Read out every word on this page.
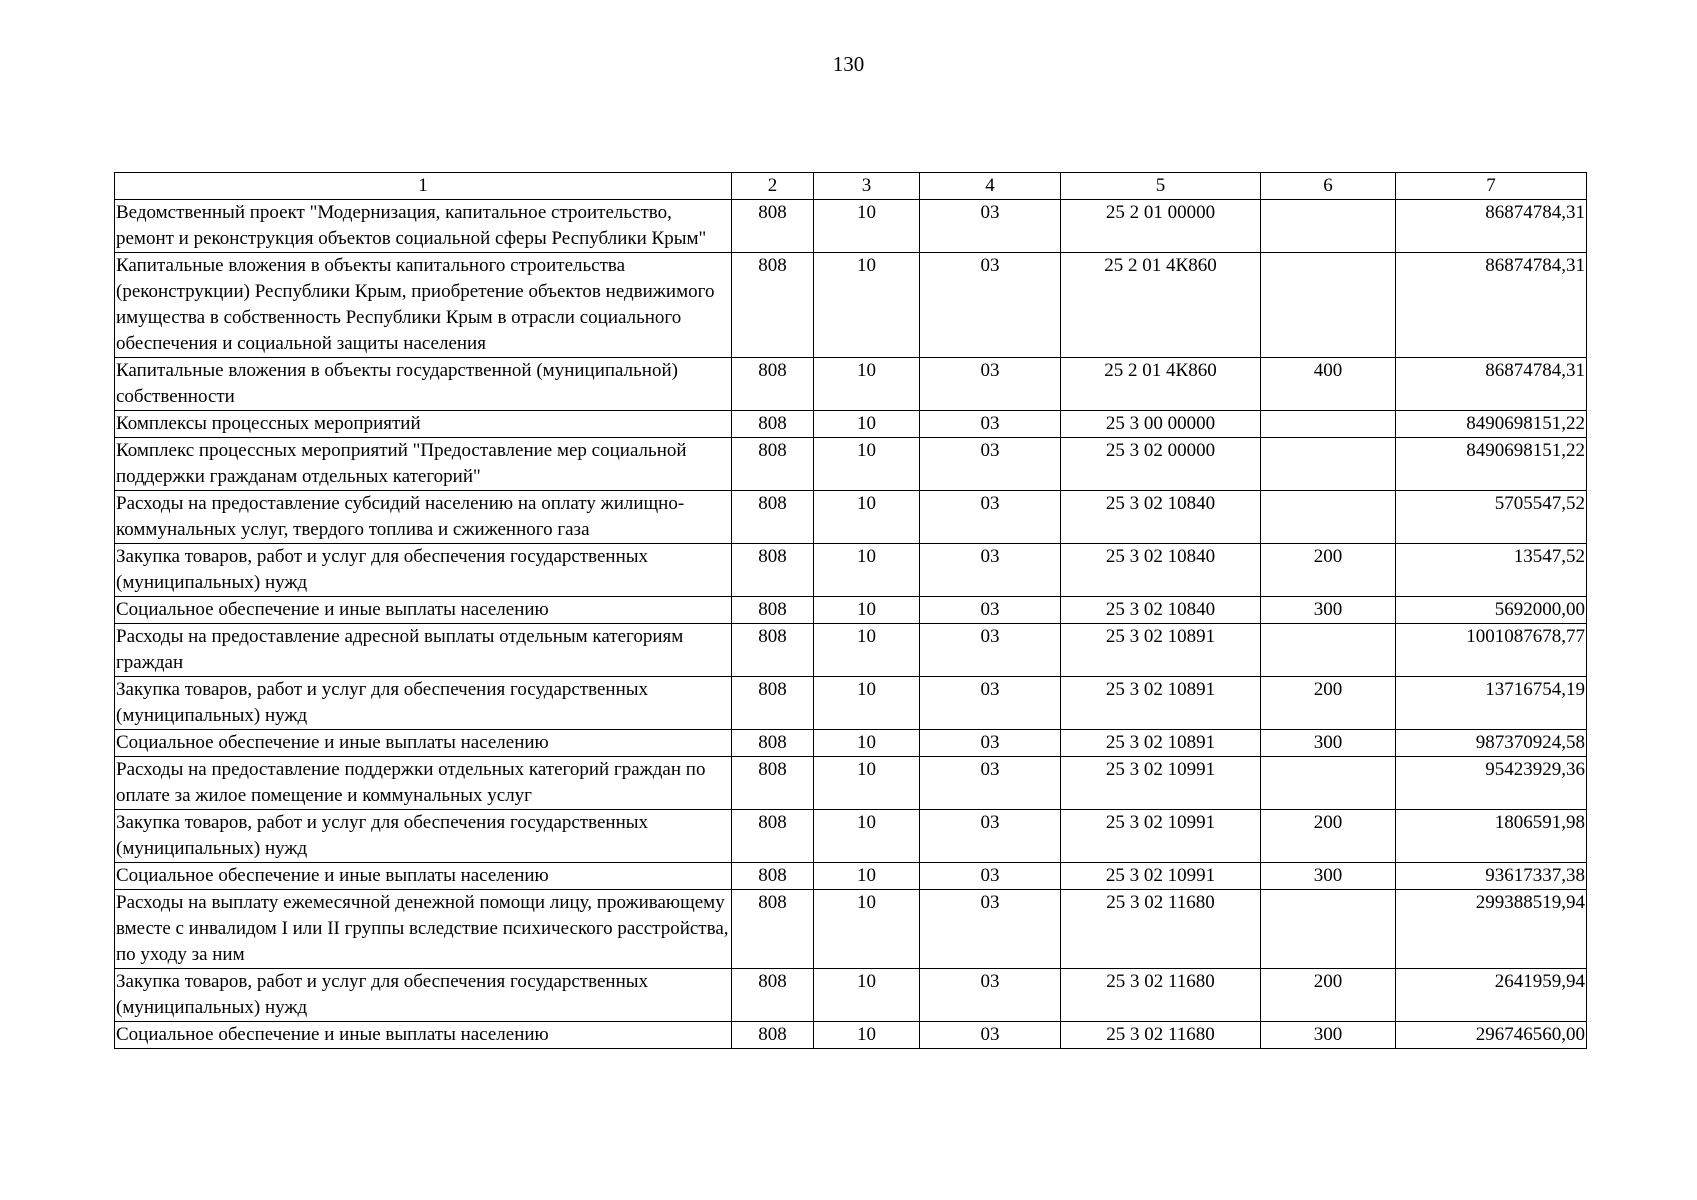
130
1	2	3	4	5	6	7
Ведомственный проект "Модернизация, капитальное строительство, ремонт и реконструкция объектов социальной сферы Республики Крым"	808	10	03	25 2 01 00000		86874784,31
Капитальные вложения в объекты капитального строительства (реконструкции) Республики Крым, приобретение объектов недвижимого имущества в собственность Республики Крым в отрасли социального обеспечения и социальной защиты населения	808	10	03	25 2 01 4К860		86874784,31
Капитальные вложения в объекты государственной (муниципальной) собственности	808	10	03	25 2 01 4К860	400	86874784,31
Комплексы процессных мероприятий	808	10	03	25 3 00 00000		8490698151,22
Комплекс процессных мероприятий "Предоставление мер социальной поддержки гражданам отдельных категорий"	808	10	03	25 3 02 00000		8490698151,22
Расходы на предоставление субсидий населению на оплату жилищно-коммунальных услуг, твердого топлива и сжиженного газа	808	10	03	25 3 02 10840		5705547,52
Закупка товаров, работ и услуг для обеспечения государственных (муниципальных) нужд	808	10	03	25 3 02 10840	200	13547,52
Социальное обеспечение и иные выплаты населению	808	10	03	25 3 02 10840	300	5692000,00
Расходы на предоставление адресной выплаты отдельным категориям граждан	808	10	03	25 3 02 10891		1001087678,77
Закупка товаров, работ и услуг для обеспечения государственных (муниципальных) нужд	808	10	03	25 3 02 10891	200	13716754,19
Социальное обеспечение и иные выплаты населению	808	10	03	25 3 02 10891	300	987370924,58
Расходы на предоставление поддержки отдельных категорий граждан по оплате за жилое помещение и коммунальных услуг	808	10	03	25 3 02 10991		95423929,36
Закупка товаров, работ и услуг для обеспечения государственных (муниципальных) нужд	808	10	03	25 3 02 10991	200	1806591,98
Социальное обеспечение и иные выплаты населению	808	10	03	25 3 02 10991	300	93617337,38
Расходы на выплату ежемесячной денежной помощи лицу, проживающему вместе с инвалидом I или II группы вследствие психического расстройства, по уходу за ним	808	10	03	25 3 02 11680		299388519,94
Закупка товаров, работ и услуг для обеспечения государственных (муниципальных) нужд	808	10	03	25 3 02 11680	200	2641959,94
Социальное обеспечение и иные выплаты населению	808	10	03	25 3 02 11680	300	296746560,00
